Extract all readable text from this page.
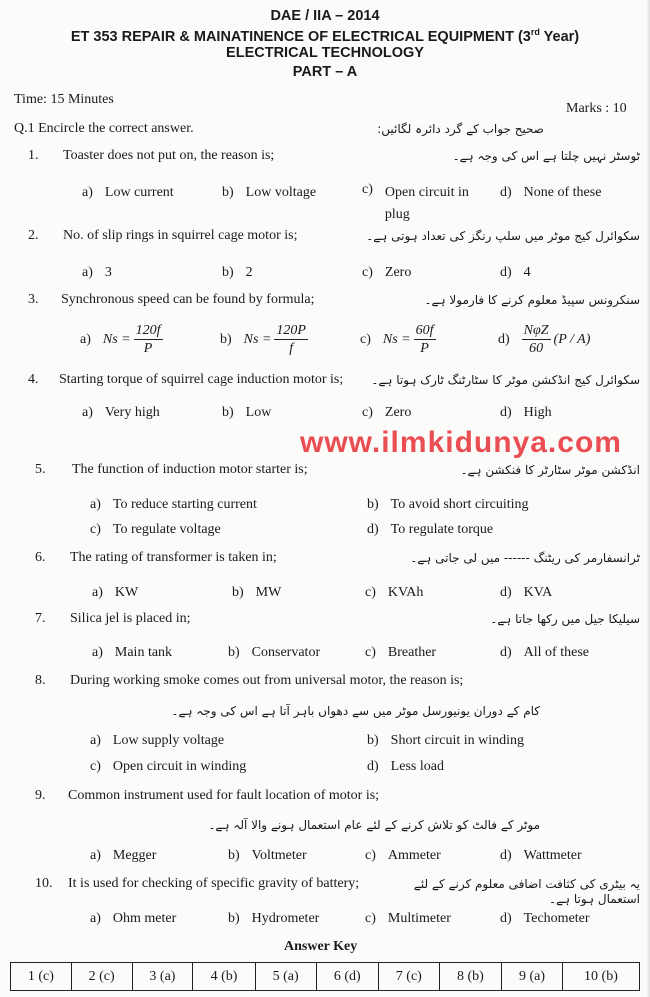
DAE / IIA – 2014
ET 353 REPAIR & MAINATINENCE OF ELECTRICAL EQUIPMENT (3rd Year)
ELECTRICAL TECHNOLOGY
PART – A
Time: 15 Minutes
Marks : 10
Q.1 Encircle the correct answer.	صحیح جواب کے گرد دائرہ لگائیں:
1. Toaster does not put on, the reason is;	ٹوسٹر نہیں چلتا ہے اس کی وجہ ہے۔
a) Low current	b) Low voltage	c) Open circuit in
plug
d) None of these
2. No. of slip rings in squirrel cage motor is;	سکوائرل کیج موٹر میں سلپ رنگز کی تعداد ہوتی ہے۔
a) 3	b) 2	c) Zero	d) 4
3. Synchronous speed can be found by formula;	سنکرونس سپیڈ معلوم کرنے کا فارمولا ہے۔
a) $Ns = \frac{120f}{P}$	b) $Ns = \frac{120P}{f}$	c) $Ns = \frac{60f}{P}$	$d) \frac{\text{NφZ}}{60} (P / A)$
4. Starting torque of squirrel cage induction motor is;	سکوائرل کیج انڈکشن موٹر کا سٹارٹنگ ٹارک ہوتا ہے۔
a) Very high	b) Low	c) Zero	d) High
5. The function of induction motor starter is;	انڈکشن موٹر سٹارٹر کا فنکشن ہے۔
a) To reduce starting current	b) To avoid short circuiting
c) To regulate voltage	d) To regulate torque
6. The rating of transformer is taken in;	ٹرانسفارمر کی ریٹنگ ------ میں لی جاتی ہے۔
a) KW	b) MW	c) KVAh	d) KVA
7. Silica jel is placed in;	سیلیکا جیل میں رکھا جاتا ہے۔
a) Main tank	b) Conservator	c) Breather	d) All of these
8. During working smoke comes out from universal motor, the reason is;
کام کے دوران یونیورسل موٹر میں سے دھواں باہر آتا ہے اس کی وجہ ہے۔
a) Low supply voltage	b) Short circuit in winding
c) Open circuit in winding	d) Less load
9. Common instrument used for fault location of motor is;
موٹر کے فالٹ کو تلاش کرنے کے لئے عام استعمال ہونے والا آلہ ہے۔
a) Megger	b) Voltmeter	c) Ammeter	d) Wattmeter
10. It is used for checking of specific gravity of battery;	یہ بیٹری کی کثافت اضافی معلوم کرنے کے لئے استعمال ہوتا ہے۔
a) Ohm meter	b) Hydrometer	c) Multimeter	d) Techometer
Answer Key
1 (c)	2 (c)	3 (a)	4 (b)	5 (a)	6 (d)	7 (c)	8 (b)	9 (a)	10 (b)
www.ilmkidunya.com
